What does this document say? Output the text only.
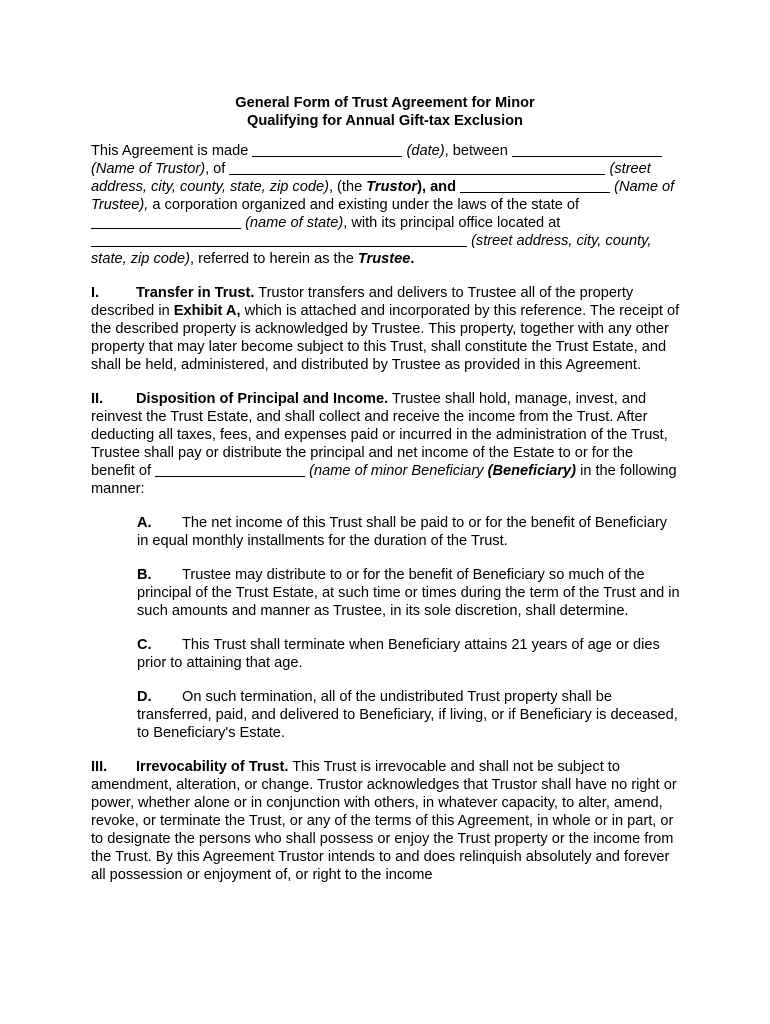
General Form of Trust Agreement for Minor
Qualifying for Annual Gift-tax Exclusion

This Agreement is made	(date), between  (Name of Trustor), of	(street address, city, county, state, zip code), (the Trustor), and	(Name of Trustee), a corporation organized and existing under the laws of the state of  (name of state), with its principal office located at  (street address, city, county, state, zip code), referred to herein as the Trustee.

I.	Transfer in Trust. Trustor transfers and delivers to Trustee all of the property described in Exhibit A, which is attached and incorporated by this reference. The receipt of the described property is acknowledged by Trustee. This property, together with any other property that may later become subject to this Trust, shall constitute the Trust Estate, and shall be held, administered, and distributed by Trustee as provided in this Agreement.

II. Disposition of Principal and Income. Trustee shall hold, manage, invest, and reinvest the Trust Estate, and shall collect and receive the income from the Trust. After deducting all taxes, fees, and expenses paid or incurred in the administration of the Trust, Trustee shall pay or distribute the principal and net income of the Estate to or for the benefit of	(name of minor Beneficiary (Beneficiary) in the following manner:

A. The net income of this Trust shall be paid to or for the benefit of Beneficiary in equal monthly installments for the duration of the Trust.

B. Trustee may distribute to or for the benefit of Beneficiary so much of the principal of the Trust Estate, at such time or times during the term of the Trust and in such amounts and manner as Trustee, in its sole discretion, shall determine.

C. This Trust shall terminate when Beneficiary attains 21 years of age or dies prior to attaining that age.

D. On such termination, all of the undistributed Trust property shall be transferred, paid, and delivered to Beneficiary, if living, or if Beneficiary is deceased, to Beneficiary's Estate.

III. Irrevocability of Trust. This Trust is irrevocable and shall not be subject to amendment, alteration, or change. Trustor acknowledges that Trustor shall have no right or power, whether alone or in conjunction with others, in whatever capacity, to alter, amend, revoke, or terminate the Trust, or any of the terms of this Agreement, in whole or in part, or to designate the persons who shall possess or enjoy the Trust property or the income from the Trust. By this Agreement Trustor intends to and does relinquish absolutely and forever all possession or enjoyment of, or right to the income
